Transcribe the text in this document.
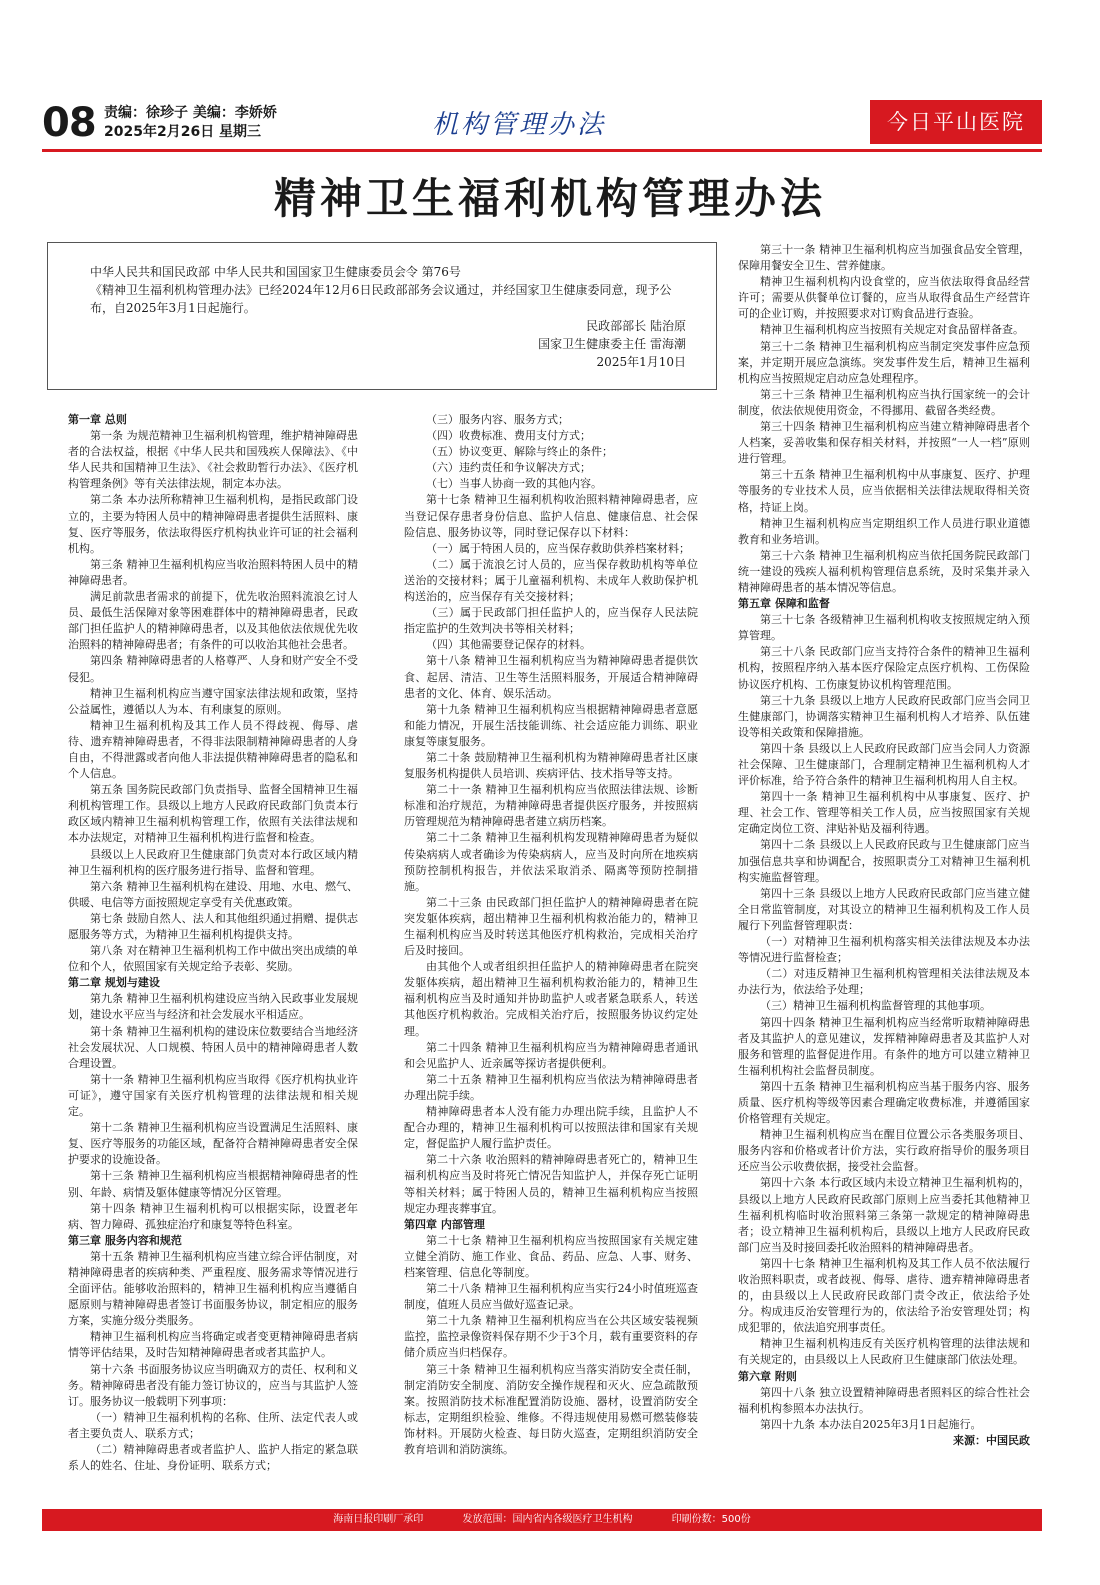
08 责编：徐珍子 美编：李娇娇
2025年2月26日 星期三	机构管理办法	今日平山医院
精神卫生福利机构管理办法

中华人民共和国民政部 中华人民共和国国家卫生健康委员会令 第76号

《精神卫生福利机构管理办法》已经2024年12月6日民政部部务会议通过，并经国家卫生健康委同意，现予公布，自2025年3月1日起施行。

民政部部长 陆治原

国家卫生健康委主任 雷海潮

2025年1月10日

第一章 总则

第一条 为规范精神卫生福利机构管理，维护精神障碍患者的合法权益，根据《中华人民共和国残疾人保障法》、《中华人民共和国精神卫生法》、《社会救助暂行办法》、《医疗机构管理条例》等有关法律法规，制定本办法。

第二条 本办法所称精神卫生福利机构，是指民政部门设立的，主要为特困人员中的精神障碍患者提供生活照料、康复、医疗等服务，依法取得医疗机构执业许可证的社会福利机构。

第三条 精神卫生福利机构应当收治照料特困人员中的精神障碍患者。

满足前款患者需求的前提下，优先收治照料流浪乞讨人员、最低生活保障对象等困难群体中的精神障碍患者，民政部门担任监护人的精神障碍患者，以及其他依法依规优先收治照料的精神障碍患者；有条件的可以收治其他社会患者。

第四条 精神障碍患者的人格尊严、人身和财产安全不受侵犯。

精神卫生福利机构应当遵守国家法律法规和政策，坚持公益属性，遵循以人为本、有利康复的原则。

精神卫生福利机构及其工作人员不得歧视、侮辱、虐待、遗弃精神障碍患者，不得非法限制精神障碍患者的人身自由，不得泄露或者向他人非法提供精神障碍患者的隐私和个人信息。

第五条 国务院民政部门负责指导、监督全国精神卫生福利机构管理工作。县级以上地方人民政府民政部门负责本行政区域内精神卫生福利机构管理工作，依照有关法律法规和本办法规定，对精神卫生福利机构进行监督和检查。

县级以上人民政府卫生健康部门负责对本行政区域内精神卫生福利机构的医疗服务进行指导、监督和管理。

第六条 精神卫生福利机构在建设、用地、水电、燃气、供暖、电信等方面按照规定享受有关优惠政策。

第七条 鼓励自然人、法人和其他组织通过捐赠、提供志愿服务等方式，为精神卫生福利机构提供支持。

第八条 对在精神卫生福利机构工作中做出突出成绩的单位和个人，依照国家有关规定给予表彰、奖励。

第二章 规划与建设

第九条 精神卫生福利机构建设应当纳入民政事业发展规划，建设水平应当与经济和社会发展水平相适应。

第十条 精神卫生福利机构的建设床位数要结合当地经济社会发展状况、人口规模、特困人员中的精神障碍患者人数合理设置。

第十一条 精神卫生福利机构应当取得《医疗机构执业许可证》，遵守国家有关医疗机构管理的法律法规和相关规定。

第十二条 精神卫生福利机构应当设置满足生活照料、康复、医疗等服务的功能区域，配备符合精神障碍患者安全保护要求的设施设备。

第十三条 精神卫生福利机构应当根据精神障碍患者的性别、年龄、病情及躯体健康等情况分区管理。

第十四条 精神卫生福利机构可以根据实际，设置老年病、智力障碍、孤独症治疗和康复等特色科室。

第三章 服务内容和规范

第十五条 精神卫生福利机构应当建立综合评估制度，对精神障碍患者的疾病种类、严重程度、服务需求等情况进行全面评估。能够收治照料的，精神卫生福利机构应当遵循自愿原则与精神障碍患者签订书面服务协议，制定相应的服务方案，实施分级分类服务。

精神卫生福利机构应当将确定或者变更精神障碍患者病情等评估结果，及时告知精神障碍患者或者其监护人。

第十六条 书面服务协议应当明确双方的责任、权利和义务。精神障碍患者没有能力签订协议的，应当与其监护人签订。服务协议一般载明下列事项：

（一）精神卫生福利机构的名称、住所、法定代表人或者主要负责人、联系方式；

（二）精神障碍患者或者监护人、监护人指定的紧急联系人的姓名、住址、身份证明、联系方式；

（三）服务内容、服务方式；

（四）收费标准、费用支付方式；

（五）协议变更、解除与终止的条件；

（六）违约责任和争议解决方式；

（七）当事人协商一致的其他内容。

第十七条 精神卫生福利机构收治照料精神障碍患者，应当登记保存患者身份信息、监护人信息、健康信息、社会保险信息、服务协议等，同时登记保存以下材料：

（一）属于特困人员的，应当保存救助供养档案材料；

（二）属于流浪乞讨人员的，应当保存救助机构等单位送治的交接材料；属于儿童福利机构、未成年人救助保护机构送治的，应当保存有关交接材料；

（三）属于民政部门担任监护人的，应当保存人民法院指定监护的生效判决书等相关材料；

（四）其他需要登记保存的材料。

第十八条 精神卫生福利机构应当为精神障碍患者提供饮食、起居、清洁、卫生等生活照料服务，开展适合精神障碍患者的文化、体育、娱乐活动。

第十九条 精神卫生福利机构应当根据精神障碍患者意愿和能力情况，开展生活技能训练、社会适应能力训练、职业康复等康复服务。

第二十条 鼓励精神卫生福利机构为精神障碍患者社区康复服务机构提供人员培训、疾病评估、技术指导等支持。

第二十一条 精神卫生福利机构应当依照法律法规、诊断标准和治疗规范，为精神障碍患者提供医疗服务，并按照病历管理规范为精神障碍患者建立病历档案。

第二十二条 精神卫生福利机构发现精神障碍患者为疑似传染病病人或者确诊为传染病病人，应当及时向所在地疾病预防控制机构报告，并依法采取消杀、隔离等预防控制措施。

第二十三条 由民政部门担任监护人的精神障碍患者在院突发躯体疾病，超出精神卫生福利机构救治能力的，精神卫生福利机构应当及时转送其他医疗机构救治，完成相关治疗后及时接回。

由其他个人或者组织担任监护人的精神障碍患者在院突发躯体疾病，超出精神卫生福利机构救治能力的，精神卫生福利机构应当及时通知并协助监护人或者紧急联系人，转送其他医疗机构救治。完成相关治疗后，按照服务协议约定处理。

第二十四条 精神卫生福利机构应当为精神障碍患者通讯和会见监护人、近亲属等探访者提供便利。

第二十五条 精神卫生福利机构应当依法为精神障碍患者办理出院手续。

精神障碍患者本人没有能力办理出院手续，且监护人不配合办理的，精神卫生福利机构可以按照法律和国家有关规定，督促监护人履行监护责任。

第二十六条 收治照料的精神障碍患者死亡的，精神卫生福利机构应当及时将死亡情况告知监护人，并保存死亡证明等相关材料；属于特困人员的，精神卫生福利机构应当按照规定办理丧葬事宜。

第四章 内部管理

第二十七条 精神卫生福利机构应当按照国家有关规定建立健全消防、施工作业、食品、药品、应急、人事、财务、档案管理、信息化等制度。

第二十八条 精神卫生福利机构应当实行24小时值班巡查制度，值班人员应当做好巡查记录。

第二十九条 精神卫生福利机构应当在公共区域安装视频监控，监控录像资料保存期不少于3个月，载有重要资料的存储介质应当归档保存。

第三十条 精神卫生福利机构应当落实消防安全责任制，制定消防安全制度、消防安全操作规程和灭火、应急疏散预案。按照消防技术标准配置消防设施、器材，设置消防安全标志，定期组织检验、维修。不得违规使用易燃可燃装修装饰材料。开展防火检查、每日防火巡查，定期组织消防安全教育培训和消防演练。

第三十一条 精神卫生福利机构应当加强食品安全管理，保障用餐安全卫生、营养健康。

精神卫生福利机构内设食堂的，应当依法取得食品经营许可；需要从供餐单位订餐的，应当从取得食品生产经营许可的企业订购，并按照要求对订购食品进行查验。

精神卫生福利机构应当按照有关规定对食品留样备查。

第三十二条 精神卫生福利机构应当制定突发事件应急预案，并定期开展应急演练。突发事件发生后，精神卫生福利机构应当按照规定启动应急处理程序。

第三十三条 精神卫生福利机构应当执行国家统一的会计制度，依法依规使用资金，不得挪用、截留各类经费。

第三十四条 精神卫生福利机构应当建立精神障碍患者个人档案，妥善收集和保存相关材料，并按照“一人一档”原则进行管理。

第三十五条 精神卫生福利机构中从事康复、医疗、护理等服务的专业技术人员，应当依据相关法律法规取得相关资格，持证上岗。

精神卫生福利机构应当定期组织工作人员进行职业道德教育和业务培训。

第三十六条 精神卫生福利机构应当依托国务院民政部门统一建设的残疾人福利机构管理信息系统，及时采集并录入精神障碍患者的基本情况等信息。

第五章 保障和监督

第三十七条 各级精神卫生福利机构收支按照规定纳入预算管理。

第三十八条 民政部门应当支持符合条件的精神卫生福利机构，按照程序纳入基本医疗保险定点医疗机构、工伤保险协议医疗机构、工伤康复协议机构管理范围。

第三十九条 县级以上地方人民政府民政部门应当会同卫生健康部门，协调落实精神卫生福利机构人才培养、队伍建设等相关政策和保障措施。

第四十条 县级以上人民政府民政部门应当会同人力资源社会保障、卫生健康部门，合理制定精神卫生福利机构人才评价标准，给予符合条件的精神卫生福利机构用人自主权。

第四十一条 精神卫生福利机构中从事康复、医疗、护理、社会工作、管理等相关工作人员，应当按照国家有关规定确定岗位工资、津贴补贴及福利待遇。

第四十二条 县级以上人民政府民政与卫生健康部门应当加强信息共享和协调配合，按照职责分工对精神卫生福利机构实施监督管理。

第四十三条 县级以上地方人民政府民政部门应当建立健全日常监管制度，对其设立的精神卫生福利机构及工作人员履行下列监督管理职责：

（一）对精神卫生福利机构落实相关法律法规及本办法等情况进行监督检查；

（二）对违反精神卫生福利机构管理相关法律法规及本办法行为，依法给予处理；

（三）精神卫生福利机构监督管理的其他事项。

第四十四条 精神卫生福利机构应当经常听取精神障碍患者及其监护人的意见建议，发挥精神障碍患者及其监护人对服务和管理的监督促进作用。有条件的地方可以建立精神卫生福利机构社会监督员制度。

第四十五条 精神卫生福利机构应当基于服务内容、服务质量、医疗机构等级等因素合理确定收费标准，并遵循国家价格管理有关规定。

精神卫生福利机构应当在醒目位置公示各类服务项目、服务内容和价格或者计价方法，实行政府指导价的服务项目还应当公示收费依据，接受社会监督。

第四十六条 本行政区域内未设立精神卫生福利机构的，县级以上地方人民政府民政部门原则上应当委托其他精神卫生福利机构临时收治照料第三条第一款规定的精神障碍患者；设立精神卫生福利机构后，县级以上地方人民政府民政部门应当及时接回委托收治照料的精神障碍患者。

第四十七条 精神卫生福利机构及其工作人员不依法履行收治照料职责，或者歧视、侮辱、虐待、遗弃精神障碍患者的，由县级以上人民政府民政部门责令改正，依法给予处分。构成违反治安管理行为的，依法给予治安管理处罚；构成犯罪的，依法追究刑事责任。

精神卫生福利机构违反有关医疗机构管理的法律法规和有关规定的，由县级以上人民政府卫生健康部门依法处理。

第六章 附则

第四十八条 独立设置精神障碍患者照料区的综合性社会福利机构参照本办法执行。

第四十九条 本办法自2025年3月1日起施行。

来源：中国民政

海南日报印刷厂承印	发放范围：国内省内各级医疗卫生机构	印刷份数：500份
